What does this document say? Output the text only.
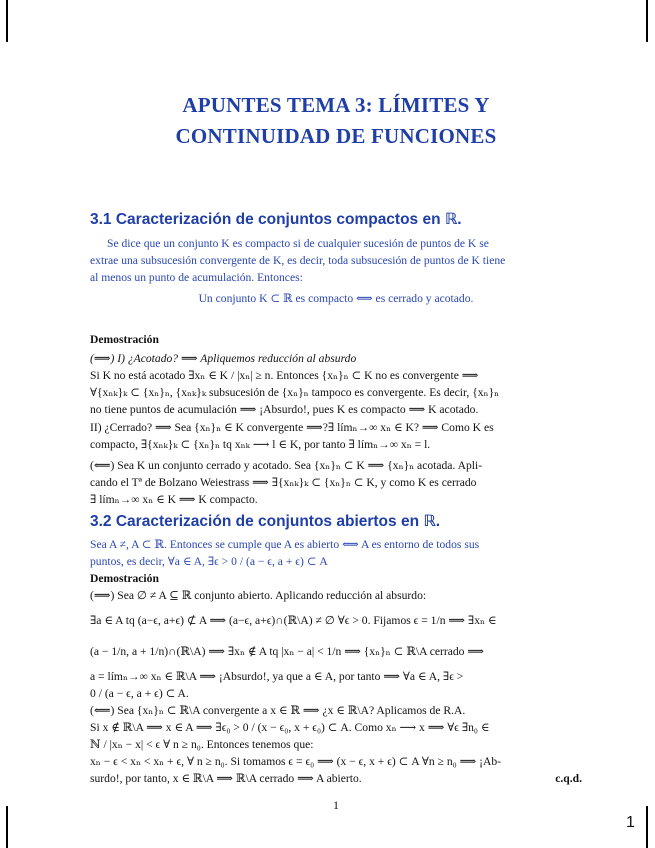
APUNTES TEMA 3: LÍMITES Y
CONTINUIDAD DE FUNCIONES
3.1 Caracterización de conjuntos compactos en ℝ.
Se dice que un conjunto K es compacto si de cualquier sucesión de puntos de K se
extrae una subsucesión convergente de K, es decir, toda subsucesión de puntos de K tiene
al menos un punto de acumulación. Entonces:
Un conjunto K ⊂ ℝ es compacto ⟺ es cerrado y acotado.
Demostración
(⟹) I) ¿Acotado? ⟹ Apliquemos reducción al absurdo
Si K no está acotado ∃xₙ ∈ K / |xₙ| ≥ n. Entonces {xₙ}ₙ ⊂ K no es convergente ⟹
∀{xₙₖ}ₖ ⊂ {xₙ}ₙ, {xₙₖ}ₖ subsucesión de {xₙ}ₙ tampoco es convergente. Es decir, {xₙ}ₙ
no tiene puntos de acumulación ⟹ ¡Absurdo!, pues K es compacto ⟹ K acotado.
II) ¿Cerrado? ⟹ Sea {xₙ}ₙ ∈ K convergente ⟹?∃ límₙ→∞ xₙ ∈ K? ⟹ Como K es
compacto, ∃{xₙₖ}ₖ ⊂ {xₙ}ₙ tq xₙₖ ⟶ l ∈ K, por tanto ∃ límₙ→∞ xₙ = l.
(⟸) Sea K un conjunto cerrado y acotado. Sea {xₙ}ₙ ⊂ K ⟹ {xₙ}ₙ acotada. Apli-
cando el Tª de Bolzano Weiestrass ⟹ ∃{xₙₖ}ₖ ⊂ {xₙ}ₙ ⊂ K, y como K es cerrado
∃ límₙ→∞ xₙ ∈ K ⟹ K compacto.
3.2 Caracterización de conjuntos abiertos en ℝ.
Sea A ≠, A ⊂ ℝ. Entonces se cumple que A es abierto ⟺ A es entorno de todos sus
puntos, es decir, ∀a ∈ A, ∃ϵ > 0 / (a − ϵ, a + ϵ) ⊂ A
Demostración
(⟹) Sea ∅ ≠ A ⊆ ℝ conjunto abierto. Aplicando reducción al absurdo:
∃a ∈ A tq (a−ϵ, a+ϵ) ⊄ A ⟹ (a−ϵ, a+ϵ)∩(ℝ\A) ≠ ∅ ∀ϵ > 0. Fijamos ϵ = 1/n ⟹ ∃xₙ ∈
(a − 1/n, a + 1/n)∩(ℝ\A) ⟹ ∃xₙ ∉ A tq |xₙ − a| < 1/n ⟹ {xₙ}ₙ ⊂ ℝ\A cerrado ⟹
a = límₙ→∞ xₙ ∈ ℝ\A ⟹ ¡Absurdo!, ya que a ∈ A, por tanto ⟹ ∀a ∈ A, ∃ϵ >
0 / (a − ϵ, a + ϵ) ⊂ A.
(⟸) Sea {xₙ}ₙ ⊂ ℝ\A convergente a x ∈ ℝ ⟹ ¿x ∈ ℝ\A? Aplicamos de R.A.
Si x ∉ ℝ\A ⟹ x ∈ A ⟹ ∃ϵ₀ > 0 / (x − ϵ₀, x + ϵ₀) ⊂ A. Como xₙ ⟶ x ⟹ ∀ϵ ∃n₀ ∈
ℕ / |xₙ − x| < ϵ ∀ n ≥ n₀. Entonces tenemos que:
xₙ − ϵ < xₙ < xₙ + ϵ, ∀ n ≥ n₀. Si tomamos ϵ = ϵ₀ ⟹ (x − ϵ, x + ϵ) ⊂ A ∀n ≥ n₀ ⟹ ¡Ab-
surdo!, por tanto, x ∈ ℝ\A ⟹ ℝ\A cerrado ⟹ A abierto.	c.q.d.
1
1
